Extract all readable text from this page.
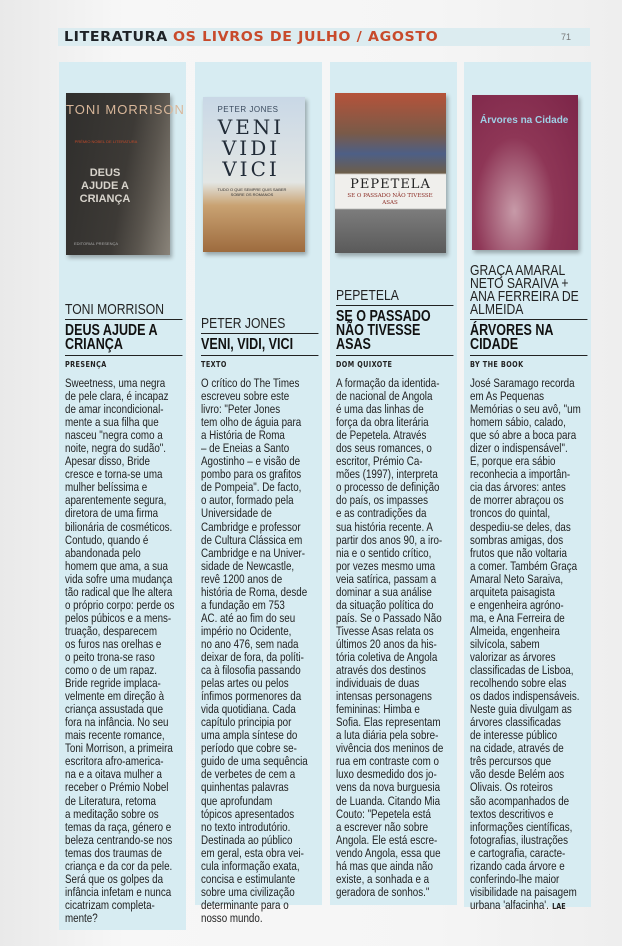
LITERATURA OS LIVROS DE JULHO / AGOSTO	71
TONI MORRISON
PRÉMIO NOBEL DE LITERATURA
DEUS AJUDE A CRIANÇA
EDITORIAL PRESENÇA
TONI MORRISON
DEUS AJUDE A CRIANÇA
PRESENÇA
Sweetness, uma negra
de pele clara, é incapaz
de amar incondicional-
mente a sua filha que
nasceu "negra como a
noite, negra do sudão".
Apesar disso, Bride
cresce e torna-se uma
mulher belíssima e
aparentemente segura,
diretora de uma firma
bilionária de cosméticos.
Contudo, quando é
abandonada pelo
homem que ama, a sua
vida sofre uma mudança
tão radical que lhe altera
o próprio corpo: perde os
pelos púbicos e a mens-
truação, desparecem
os furos nas orelhas e
o peito trona-se raso
como o de um rapaz.
Bride regride implaca-
velmente em direção à
criança assustada que
fora na infância. No seu
mais recente romance,
Toni Morrison, a primeira
escritora afro-america-
na e a oitava mulher a
receber o Prémio Nobel
de Literatura, retoma
a meditação sobre os
temas da raça, género e
beleza centrando-se nos
temas dos traumas de
criança e da cor da pele.
Será que os golpes da
infância infetam e nunca
cicatrizam completa-
mente?
PETER JONES
VENI VIDI VICI
TUDO O QUE SEMPRE QUIS SABER SOBRE OS ROMANOS
PETER JONES
VENI, VIDI, VICI
TEXTO
O crítico do The Times
escreveu sobre este
livro: "Peter Jones
tem olho de águia para
a História de Roma
– de Eneias a Santo
Agostinho – e visão de
pombo para os grafitos
de Pompeia". De facto,
o autor, formado pela
Universidade de
Cambridge e professor
de Cultura Clássica em
Cambridge e na Univer-
sidade de Newcastle,
revê 1200 anos de
história de Roma, desde
a fundação em 753
AC. até ao fim do seu
império no Ocidente,
no ano 476, sem nada
deixar de fora, da políti-
ca à filosofia passando
pelas artes ou pelos
ínfimos pormenores da
vida quotidiana. Cada
capítulo principia por
uma ampla síntese do
período que cobre se-
guido de uma sequência
de verbetes de cem a
quinhentas palavras
que aprofundam
tópicos apresentados
no texto introdutório.
Destinada ao público
em geral, esta obra vei-
cula informação exata,
concisa e estimulante
sobre uma civilização
determinante para o
nosso mundo.
PEPETELA
SE O PASSADO NÃO TIVESSE ASAS
PEPETELA
SE O PASSADO NÃO TIVESSE ASAS
DOM QUIXOTE
A formação da identida-
de nacional de Angola
é uma das linhas de
força da obra literária
de Pepetela. Através
dos seus romances, o
escritor, Prémio Ca-
mões (1997), interpreta
o processo de definição
do país, os impasses
e as contradições da
sua história recente. A
partir dos anos 90, a iro-
nia e o sentido crítico,
por vezes mesmo uma
veia satírica, passam a
dominar a sua análise
da situação política do
país. Se o Passado Não
Tivesse Asas relata os
últimos 20 anos da his-
tória coletiva de Angola
através dos destinos
individuais de duas
intensas personagens
femininas: Himba e
Sofia. Elas representam
a luta diária pela sobre-
vivência dos meninos de
rua em contraste com o
luxo desmedido dos jo-
vens da nova burguesia
de Luanda. Citando Mia
Couto: "Pepetela está
a escrever não sobre
Angola. Ele está escre-
vendo Angola, essa que
há mas que ainda não
existe, a sonhada e a
geradora de sonhos."
Árvores na Cidade
GRAÇA AMARAL NETO SARAIVA + ANA FERREIRA DE ALMEIDA
ÁRVORES NA CIDADE
BY THE BOOK
José Saramago recorda
em As Pequenas
Memórias o seu avô, "um
homem sábio, calado,
que só abre a boca para
dizer o indispensável".
E, porque era sábio
reconhecia a importân-
cia das árvores: antes
de morrer abraçou os
troncos do quintal,
despediu-se deles, das
sombras amigas, dos
frutos que não voltaria
a comer. Também Graça
Amaral Neto Saraiva,
arquiteta paisagista
e engenheira agróno-
ma, e Ana Ferreira de
Almeida, engenheira
silvícola, sabem
valorizar as árvores
classificadas de Lisboa,
recolhendo sobre elas
os dados indispensáveis.
Neste guia divulgam as
árvores classificadas
de interesse público
na cidade, através de
três percursos que
vão desde Belém aos
Olivais. Os roteiros
são acompanhados de
textos descritivos e
informações científicas,
fotografias, ilustrações
e cartografia, caracte-
rizando cada árvore e
conferindo-lhe maior
visibilidade na paisagem
urbana 'alfacinha'. LAE
